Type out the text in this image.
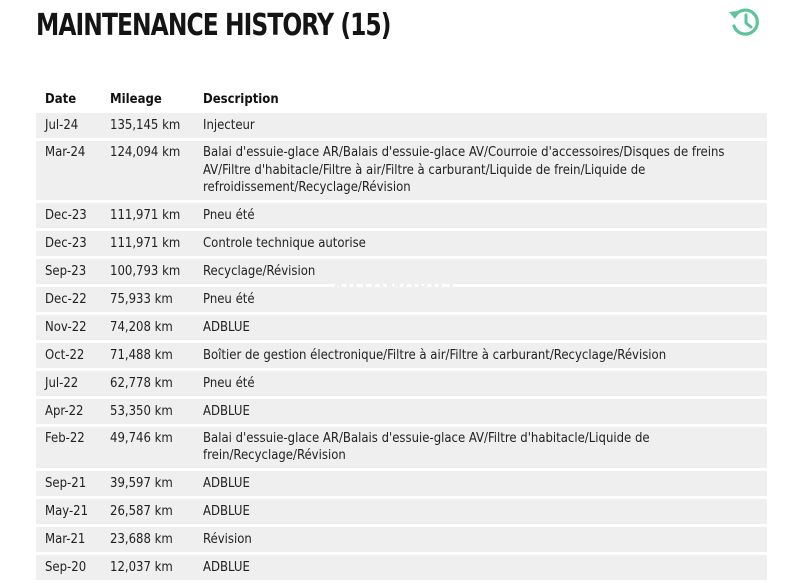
MAINTENANCE HISTORY (15)
Date	Mileage	Description
Jul-24	135,145 km	Injecteur
Mar-24	124,094 km	Balai d'essuie-glace AR/Balais d'essuie-glace AV/Courroie d'accessoires/Disques de freins AV/Filtre d'habitacle/Filtre à air/Filtre à carburant/Liquide de frein/Liquide de refroidissement/Recyclage/Révision
Dec-23	111,971 km	Pneu été
Dec-23	111,971 km	Controle technique autorise
Sep-23	100,793 km	Recyclage/Révision
Dec-22	75,933 km	Pneu été
Nov-22	74,208 km	ADBLUE
Oct-22	71,488 km	Boîtier de gestion électronique/Filtre à air/Filtre à carburant/Recyclage/Révision
Jul-22	62,778 km	Pneu été
Apr-22	53,350 km	ADBLUE
Feb-22	49,746 km	Balai d'essuie-glace AR/Balais d'essuie-glace AV/Filtre d'habitacle/Liquide de frein/Recyclage/Révision
Sep-21	39,597 km	ADBLUE
May-21	26,587 km	ADBLUE
Mar-21	23,688 km	Révision
Sep-20	12,037 km	ADBLUE
